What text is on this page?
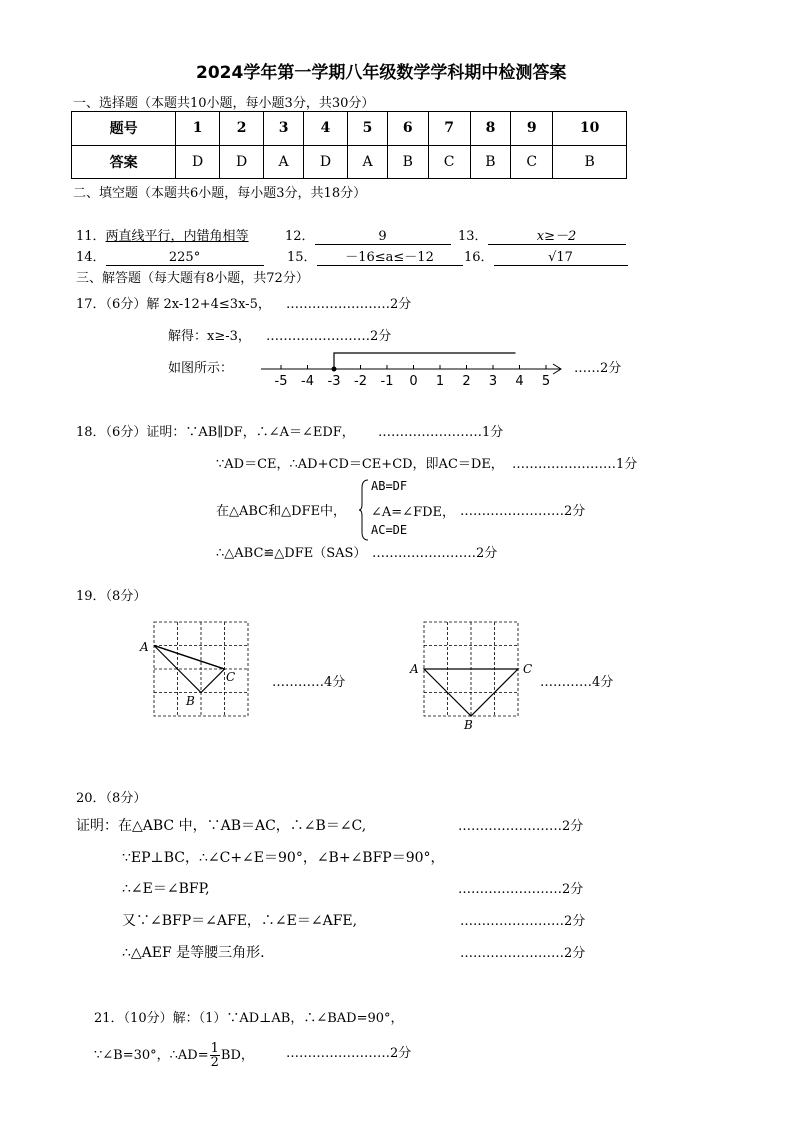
2024学年第一学期八年级数学学科期中检测答案
一、选择题（本题共10小题，每小题3分，共30分）
题号	1	2	3	4	5	6	7	8	9	10
答案	D	D	A	D	A	B	C	B	C	B
二、填空题（本题共6小题，每小题3分，共18分）
11．两直线平行，内错角相等	12．	9	13．	x≥－2
14．	225°	15． －16≤a≤－12	16．	√17
三、解答题（每大题有8小题，共72分）
17．（6分）解 2x-12+4≤3x-5， ……………………2分
解得：x≥-3， ……………………2分
如图所示：
-5 -4 -3 -2 -1 0 1 2 3 4 5
……2分
18．（6分）证明：∵AB∥DF，∴∠A＝∠EDF， ……………………1分
∵AD＝CE，∴AD+CD＝CE+CD，即AC＝DE， ……………………1分
在△ABC和△DFE中，
AB=DF
∠A=∠FDE，
AC=DE
……………………2分
∴△ABC≌△DFE（SAS） ……………………2分
19．（8分）
A
B
C	…………4分
A
B
C
…………4分
20．（8分）
证明：在△ABC 中，∵AB＝AC，∴∠B＝∠C,	……………………2分
∵EP⊥BC，∴∠C+∠E＝90°，∠B+∠BFP＝90°，
∴∠E＝∠BFP,	……………………2分
又∵∠BFP＝∠AFE，∴∠E＝∠AFE,	……………………2分
∴△AEF 是等腰三角形.	……………………2分
21．（10分）解：（1）∵AD⊥AB，∴∠BAD=90°，
∵∠B=30°，∴AD= $\frac{1}{2}$ BD， ……………………2分
